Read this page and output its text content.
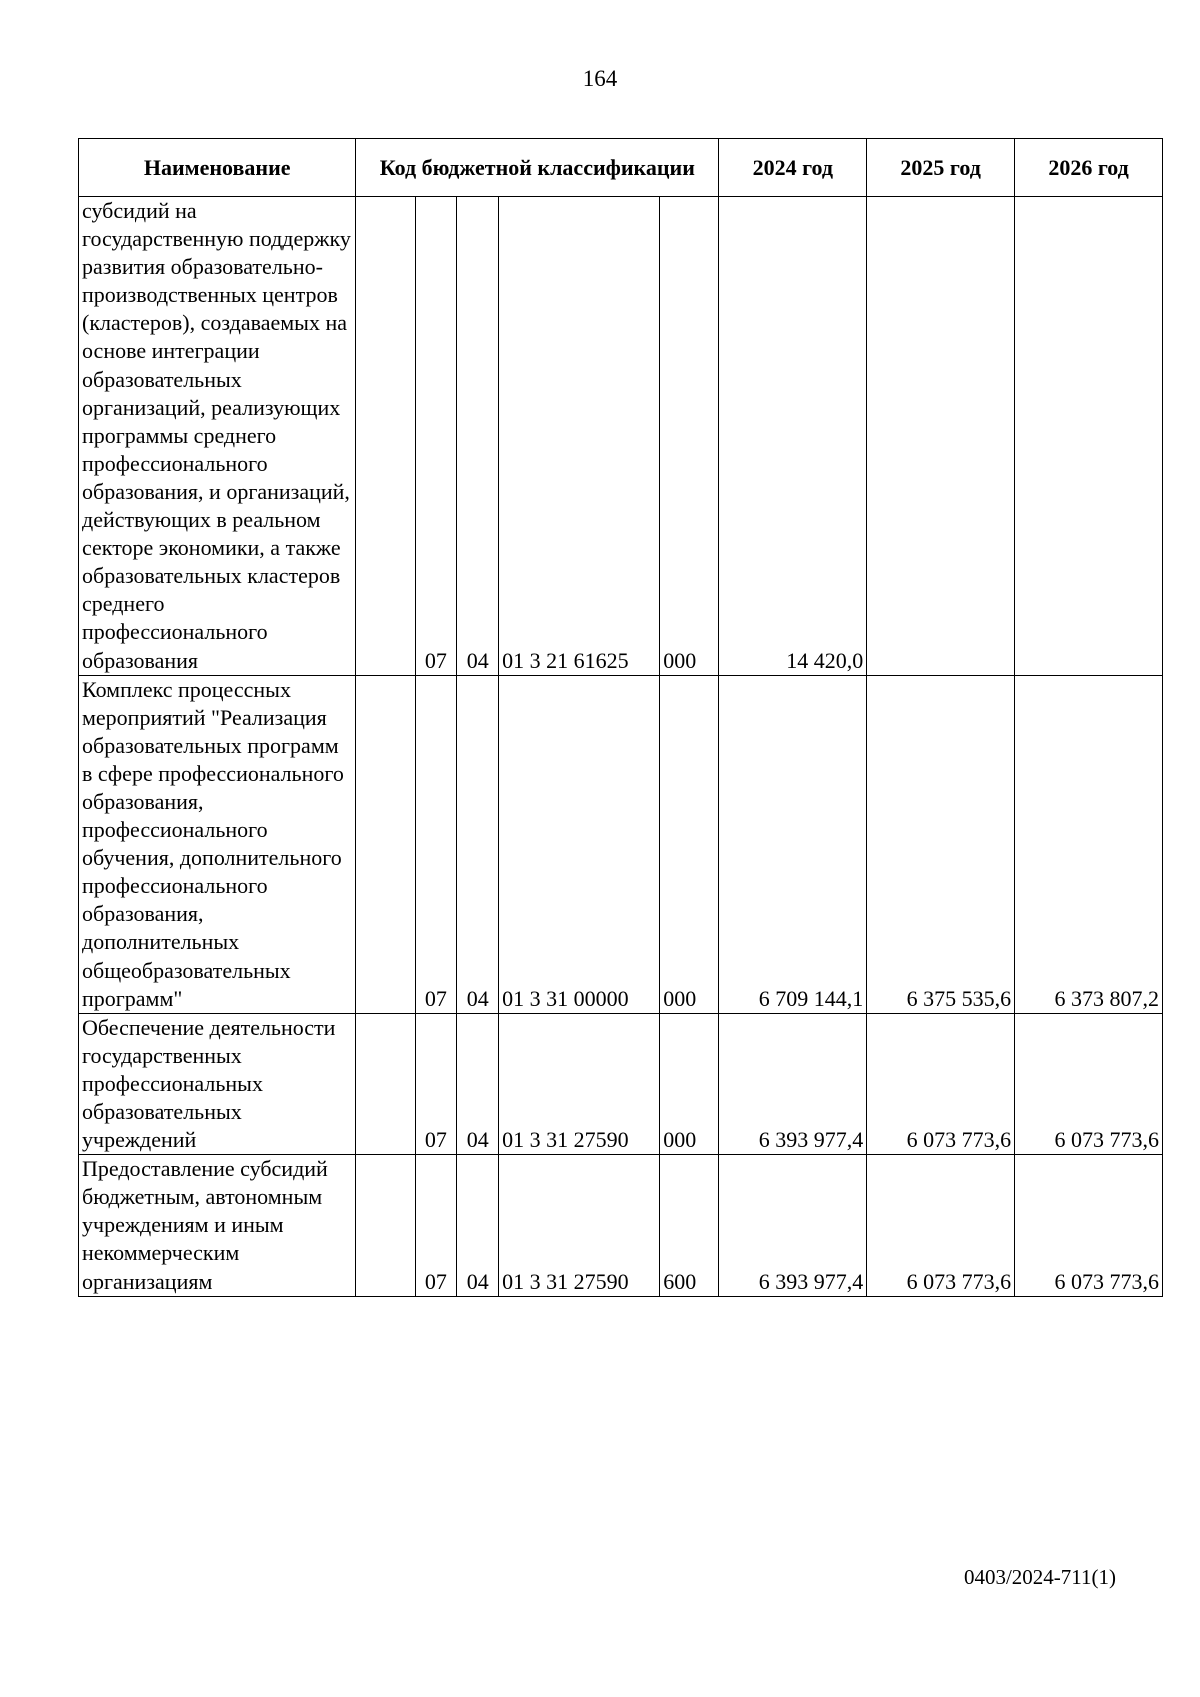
164
Наименование	Код бюджетной классификации					2024 год	2025 год	2026 год
субсидий на государственную поддержку развития образовательно-производственных центров (кластеров), создаваемых на основе интеграции образовательных организаций, реализующих программы среднего профессионального образования, и организаций, действующих в реальном секторе экономики, а также образовательных кластеров среднего профессионального образования		07	04	01 3 21 61625	000	14 420,0		
Комплекс процессных мероприятий "Реализация образовательных программ в сфере профессионального образования, профессионального обучения, дополнительного профессионального образования, дополнительных общеобразовательных программ"		07	04	01 3 31 00000	000	6 709 144,1	6 375 535,6	6 373 807,2
Обеспечение деятельности государственных профессиональных образовательных учреждений		07	04	01 3 31 27590	000	6 393 977,4	6 073 773,6	6 073 773,6
Предоставление субсидий бюджетным, автономным учреждениям и иным некоммерческим организациям		07	04	01 3 31 27590	600	6 393 977,4	6 073 773,6	6 073 773,6
0403/2024-711(1)
